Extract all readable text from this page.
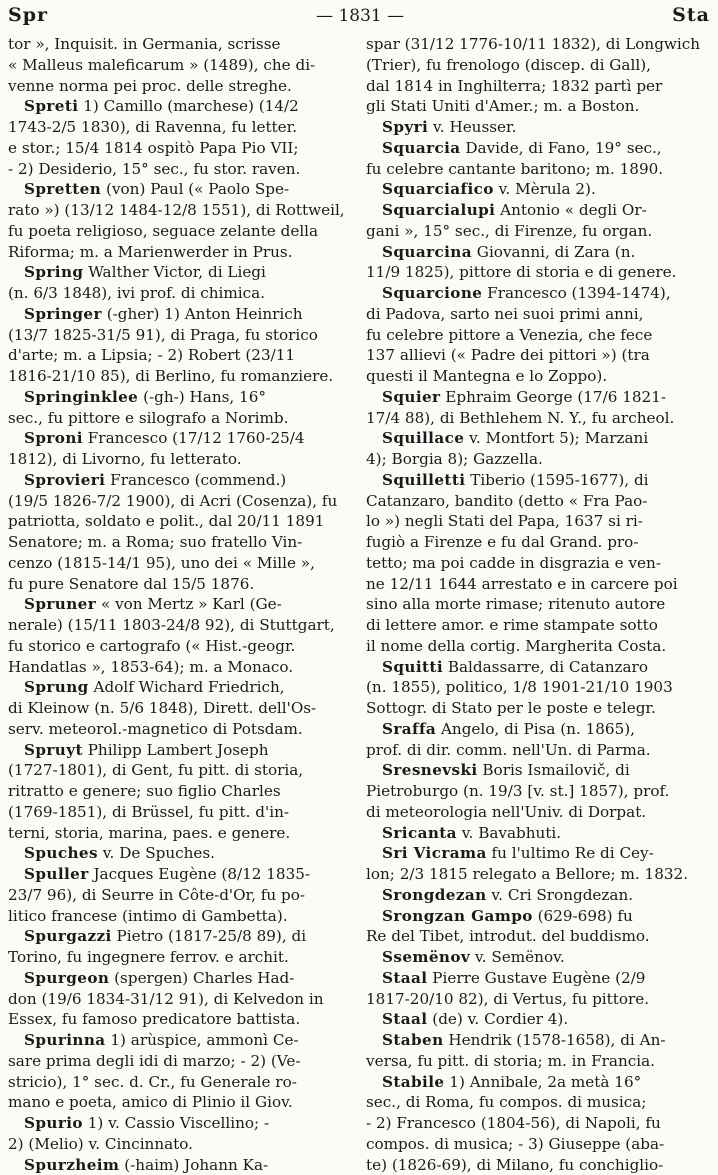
Spr	— 1831 —	Sta
tor », Inquisit. in Germania, scrisse
« Malleus maleficarum » (1489), che di-
venne norma pei proc. delle streghe.
Spreti 1) Camillo (marchese) (14/2
1743-2/5 1830), di Ravenna, fu letter.
e stor.; 15/4 1814 ospitò Papa Pio VII;
- 2) Desiderio, 15° sec., fu stor. raven.
Spretten (von) Paul (« Paolo Spe-
rato ») (13/12 1484-12/8 1551), di Rottweil,
fu poeta religioso, seguace zelante della
Riforma; m. a Marienwerder in Prus.
Spring Walther Victor, di Liegi
(n. 6/3 1848), ivi prof. di chimica.
Springer (-gher) 1) Anton Heinrich
(13/7 1825-31/5 91), di Praga, fu storico
d'arte; m. a Lipsia; - 2) Robert (23/11
1816-21/10 85), di Berlino, fu romanziere.
Springinklee (-gh-) Hans, 16°
sec., fu pittore e silografo a Norimb.
Sproni Francesco (17/12 1760-25/4
1812), di Livorno, fu letterato.
Sprovieri Francesco (commend.)
(19/5 1826-7/2 1900), di Acri (Cosenza), fu
patriotta, soldato e polit., dal 20/11 1891
Senatore; m. a Roma; suo fratello Vin-
cenzo (1815-14/1 95), uno dei « Mille »,
fu pure Senatore dal 15/5 1876.
Spruner « von Mertz » Karl (Ge-
nerale) (15/11 1803-24/8 92), di Stuttgart,
fu storico e cartografo (« Hist.-geogr.
Handatlas », 1853-64); m. a Monaco.
Sprung Adolf Wichard Friedrich,
di Kleinow (n. 5/6 1848), Dirett. dell'Os-
serv. meteorol.-magnetico di Potsdam.
Spruyt Philipp Lambert Joseph
(1727-1801), di Gent, fu pitt. di storia,
ritratto e genere; suo figlio Charles
(1769-1851), di Brüssel, fu pitt. d'in-
terni, storia, marina, paes. e genere.
Spuches v. De Spuches.
Spuller Jacques Eugène (8/12 1835-
23/7 96), di Seurre in Côte-d'Or, fu po-
litico francese (intimo di Gambetta).
Spurgazzi Pietro (1817-25/8 89), di
Torino, fu ingegnere ferrov. e archit.
Spurgeon (spergen) Charles Had-
don (19/6 1834-31/12 91), di Kelvedon in
Essex, fu famoso predicatore battista.
Spurinna 1) arùspice, ammonì Ce-
sare prima degli idi di marzo; - 2) (Ve-
stricio), 1° sec. d. Cr., fu Generale ro-
mano e poeta, amico di Plinio il Giov.
Spurio 1) v. Cassio Viscellino; -
2) (Melio) v. Cincinnato.
Spurzheim (-haim) Johann Ka-
spar (31/12 1776-10/11 1832), di Longwich
(Trier), fu frenologo (discep. di Gall),
dal 1814 in Inghilterra; 1832 partì per
gli Stati Uniti d'Amer.; m. a Boston.
Spyri v. Heusser.
Squarcia Davide, di Fano, 19° sec.,
fu celebre cantante baritono; m. 1890.
Squarciafico v. Mèrula 2).
Squarcialupi Antonio « degli Or-
gani », 15° sec., di Firenze, fu organ.
Squarcina Giovanni, di Zara (n.
11/9 1825), pittore di storia e di genere.
Squarcione Francesco (1394-1474),
di Padova, sarto nei suoi primi anni,
fu celebre pittore a Venezia, che fece
137 allievi (« Padre dei pittori ») (tra
questi il Mantegna e lo Zoppo).
Squier Ephraim George (17/6 1821-
17/4 88), di Bethlehem N. Y., fu archeol.
Squillace v. Montfort 5); Marzani
4); Borgia 8); Gazzella.
Squilletti Tiberio (1595-1677), di
Catanzaro, bandito (detto « Fra Pao-
lo ») negli Stati del Papa, 1637 si ri-
fugiò a Firenze e fu dal Grand. pro-
tetto; ma poi cadde in disgrazia e ven-
ne 12/11 1644 arrestato e in carcere poi
sino alla morte rimase; ritenuto autore
di lettere amor. e rime stampate sotto
il nome della cortig. Margherita Costa.
Squitti Baldassarre, di Catanzaro
(n. 1855), politico, 1/8 1901-21/10 1903
Sottogr. di Stato per le poste e telegr.
Sraffa Angelo, di Pisa (n. 1865),
prof. di dir. comm. nell'Un. di Parma.
Sresnevski Boris Ismailovič, di
Pietroburgo (n. 19/3 [v. st.] 1857), prof.
di meteorologia nell'Univ. di Dorpat.
Sricanta v. Bavabhuti.
Sri Vicrama fu l'ultimo Re di Cey-
lon; 2/3 1815 relegato a Bellore; m. 1832.
Srongdezan v. Cri Srongdezan.
Srongzan Gampo (629-698) fu
Re del Tibet, introdut. del buddismo.
Ssemënov v. Semënov.
Staal Pierre Gustave Eugène (2/9
1817-20/10 82), di Vertus, fu pittore.
Staal (de) v. Cordier 4).
Staben Hendrik (1578-1658), di An-
versa, fu pitt. di storia; m. in Francia.
Stabile 1) Annibale, 2a metà 16°
sec., di Roma, fu compos. di musica;
- 2) Francesco (1804-56), di Napoli, fu
compos. di musica; - 3) Giuseppe (aba-
te) (1826-69), di Milano, fu conchiglio-
